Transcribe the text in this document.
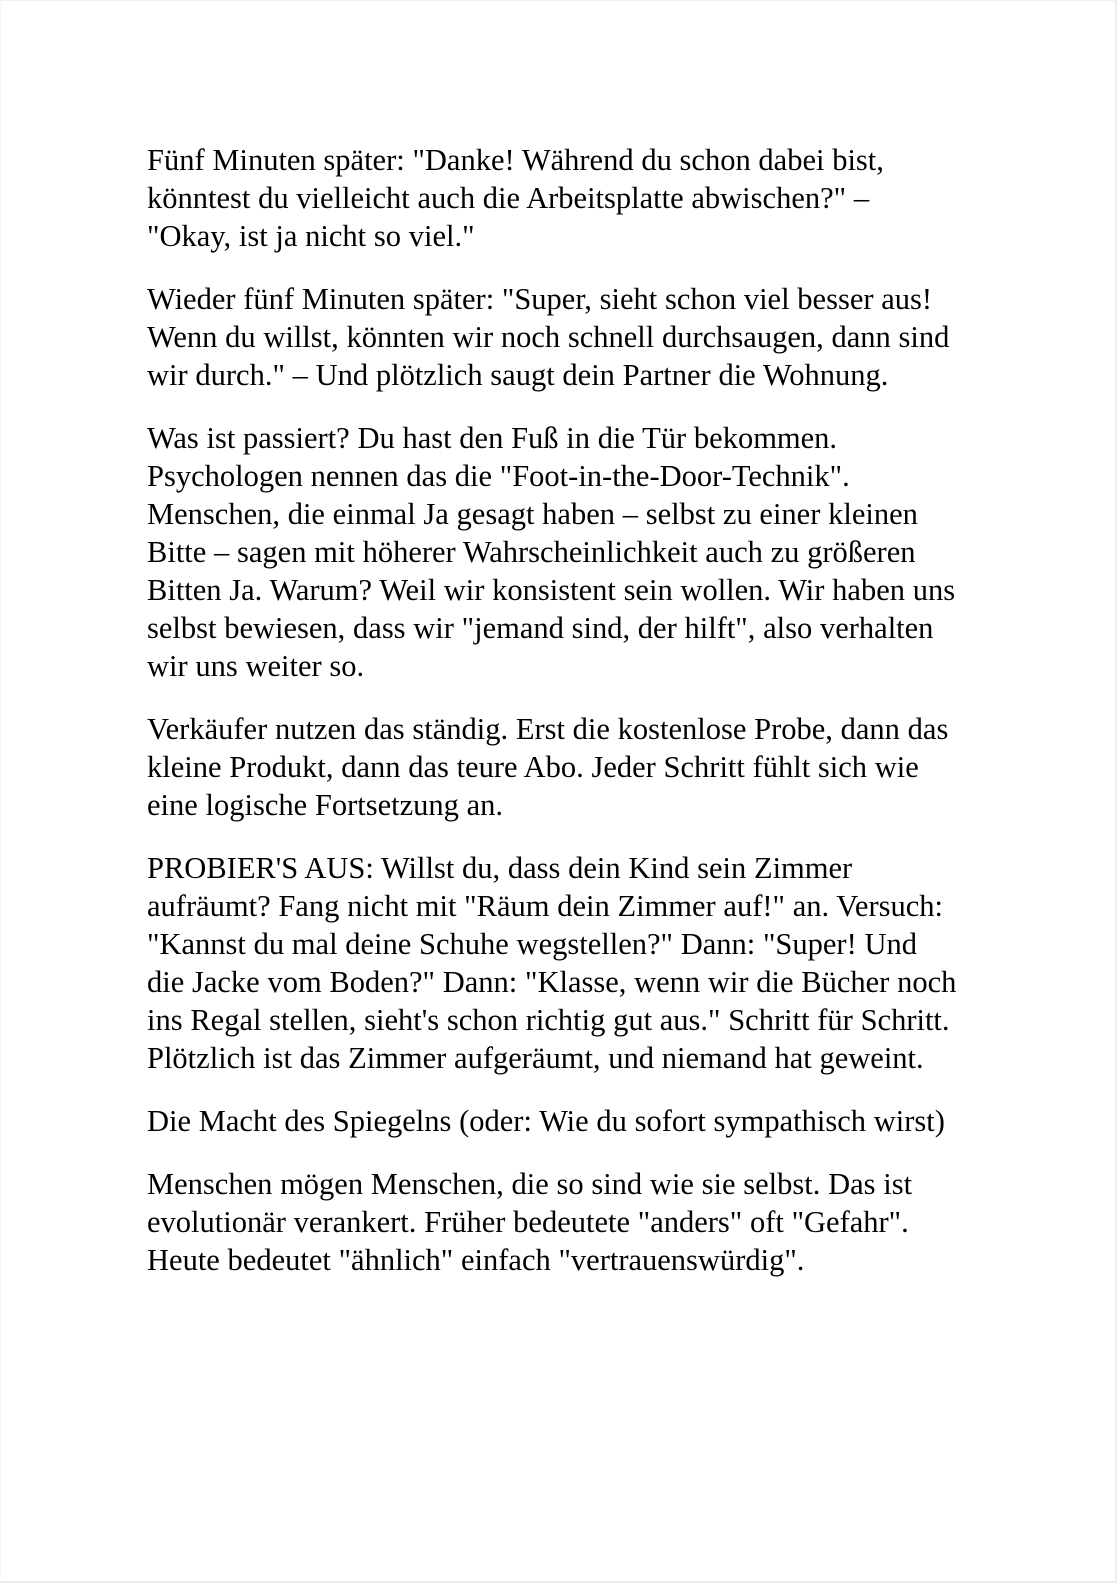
Fünf Minuten später: "Danke! Während du schon dabei bist, könntest du vielleicht auch die Arbeitsplatte abwischen?" – "Okay, ist ja nicht so viel."

Wieder fünf Minuten später: "Super, sieht schon viel besser aus! Wenn du willst, könnten wir noch schnell durchsaugen, dann sind wir durch." – Und plötzlich saugt dein Partner die Wohnung.

Was ist passiert? Du hast den Fuß in die Tür bekommen. Psychologen nennen das die "Foot-in-the-Door-Technik". Menschen, die einmal Ja gesagt haben – selbst zu einer kleinen Bitte – sagen mit höherer Wahrscheinlichkeit auch zu größeren Bitten Ja. Warum? Weil wir konsistent sein wollen. Wir haben uns selbst bewiesen, dass wir "jemand sind, der hilft", also verhalten wir uns weiter so.

Verkäufer nutzen das ständig. Erst die kostenlose Probe, dann das kleine Produkt, dann das teure Abo. Jeder Schritt fühlt sich wie eine logische Fortsetzung an.

PROBIER'S AUS: Willst du, dass dein Kind sein Zimmer aufräumt? Fang nicht mit "Räum dein Zimmer auf!" an. Versuch: "Kannst du mal deine Schuhe wegstellen?" Dann: "Super! Und die Jacke vom Boden?" Dann: "Klasse, wenn wir die Bücher noch ins Regal stellen, sieht's schon richtig gut aus." Schritt für Schritt. Plötzlich ist das Zimmer aufgeräumt, und niemand hat geweint.

Die Macht des Spiegelns (oder: Wie du sofort sympathisch wirst)

Menschen mögen Menschen, die so sind wie sie selbst. Das ist evolutionär verankert. Früher bedeutete "anders" oft "Gefahr". Heute bedeutet "ähnlich" einfach "vertrauenswürdig".
